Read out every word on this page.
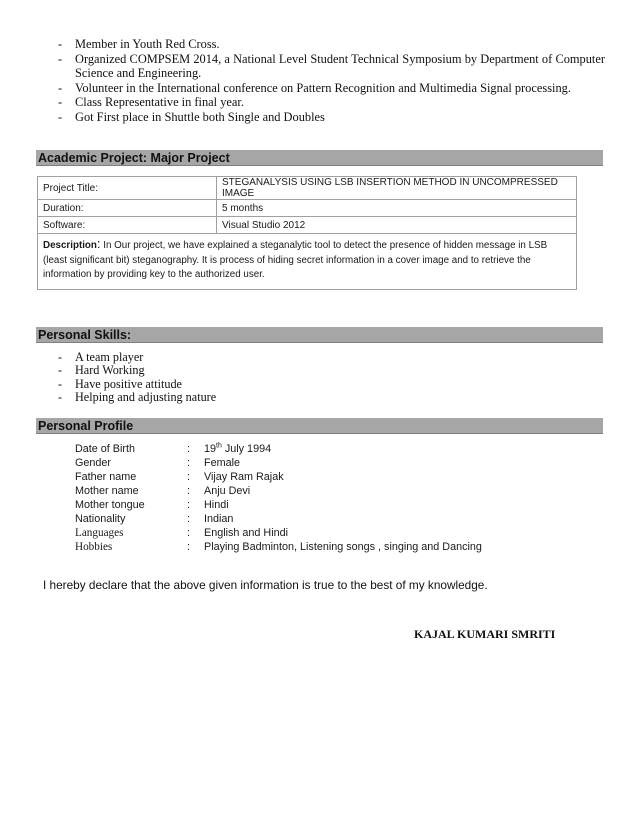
- Member in Youth Red Cross.
- Organized COMPSEM 2014, a National Level Student Technical Symposium by Department of Computer Science and Engineering.
- Volunteer in the International conference on Pattern Recognition and Multimedia Signal processing.
- Class Representative in final year.
- Got First place in Shuttle both Single and Doubles
Academic Project: Major Project
Project Title:	STEGANALYSIS USING LSB INSERTION METHOD IN UNCOMPRESSED IMAGE
Duration:	5 months
Software:	Visual Studio 2012
Description: In Our project, we have explained a steganalytic tool to detect the presence of hidden message in LSB (least significant bit) steganography. It is process of hiding secret information in a cover image and to retrieve the information by providing key to the authorized user.	
Personal Skills:
- A team player
- Hard Working
- Have positive attitude
- Helping and adjusting nature
Personal Profile
Date of Birth	: 19th July 1994
Gender	: Female
Father name	: Vijay Ram Rajak
Mother name	: Anju Devi
Mother tongue	: Hindi
Nationality	: Indian
Languages	: English and Hindi
Hobbies	: Playing Badminton, Listening songs , singing and Dancing
I hereby declare that the above given information is true to the best of my knowledge.
KAJAL KUMARI SMRITI
